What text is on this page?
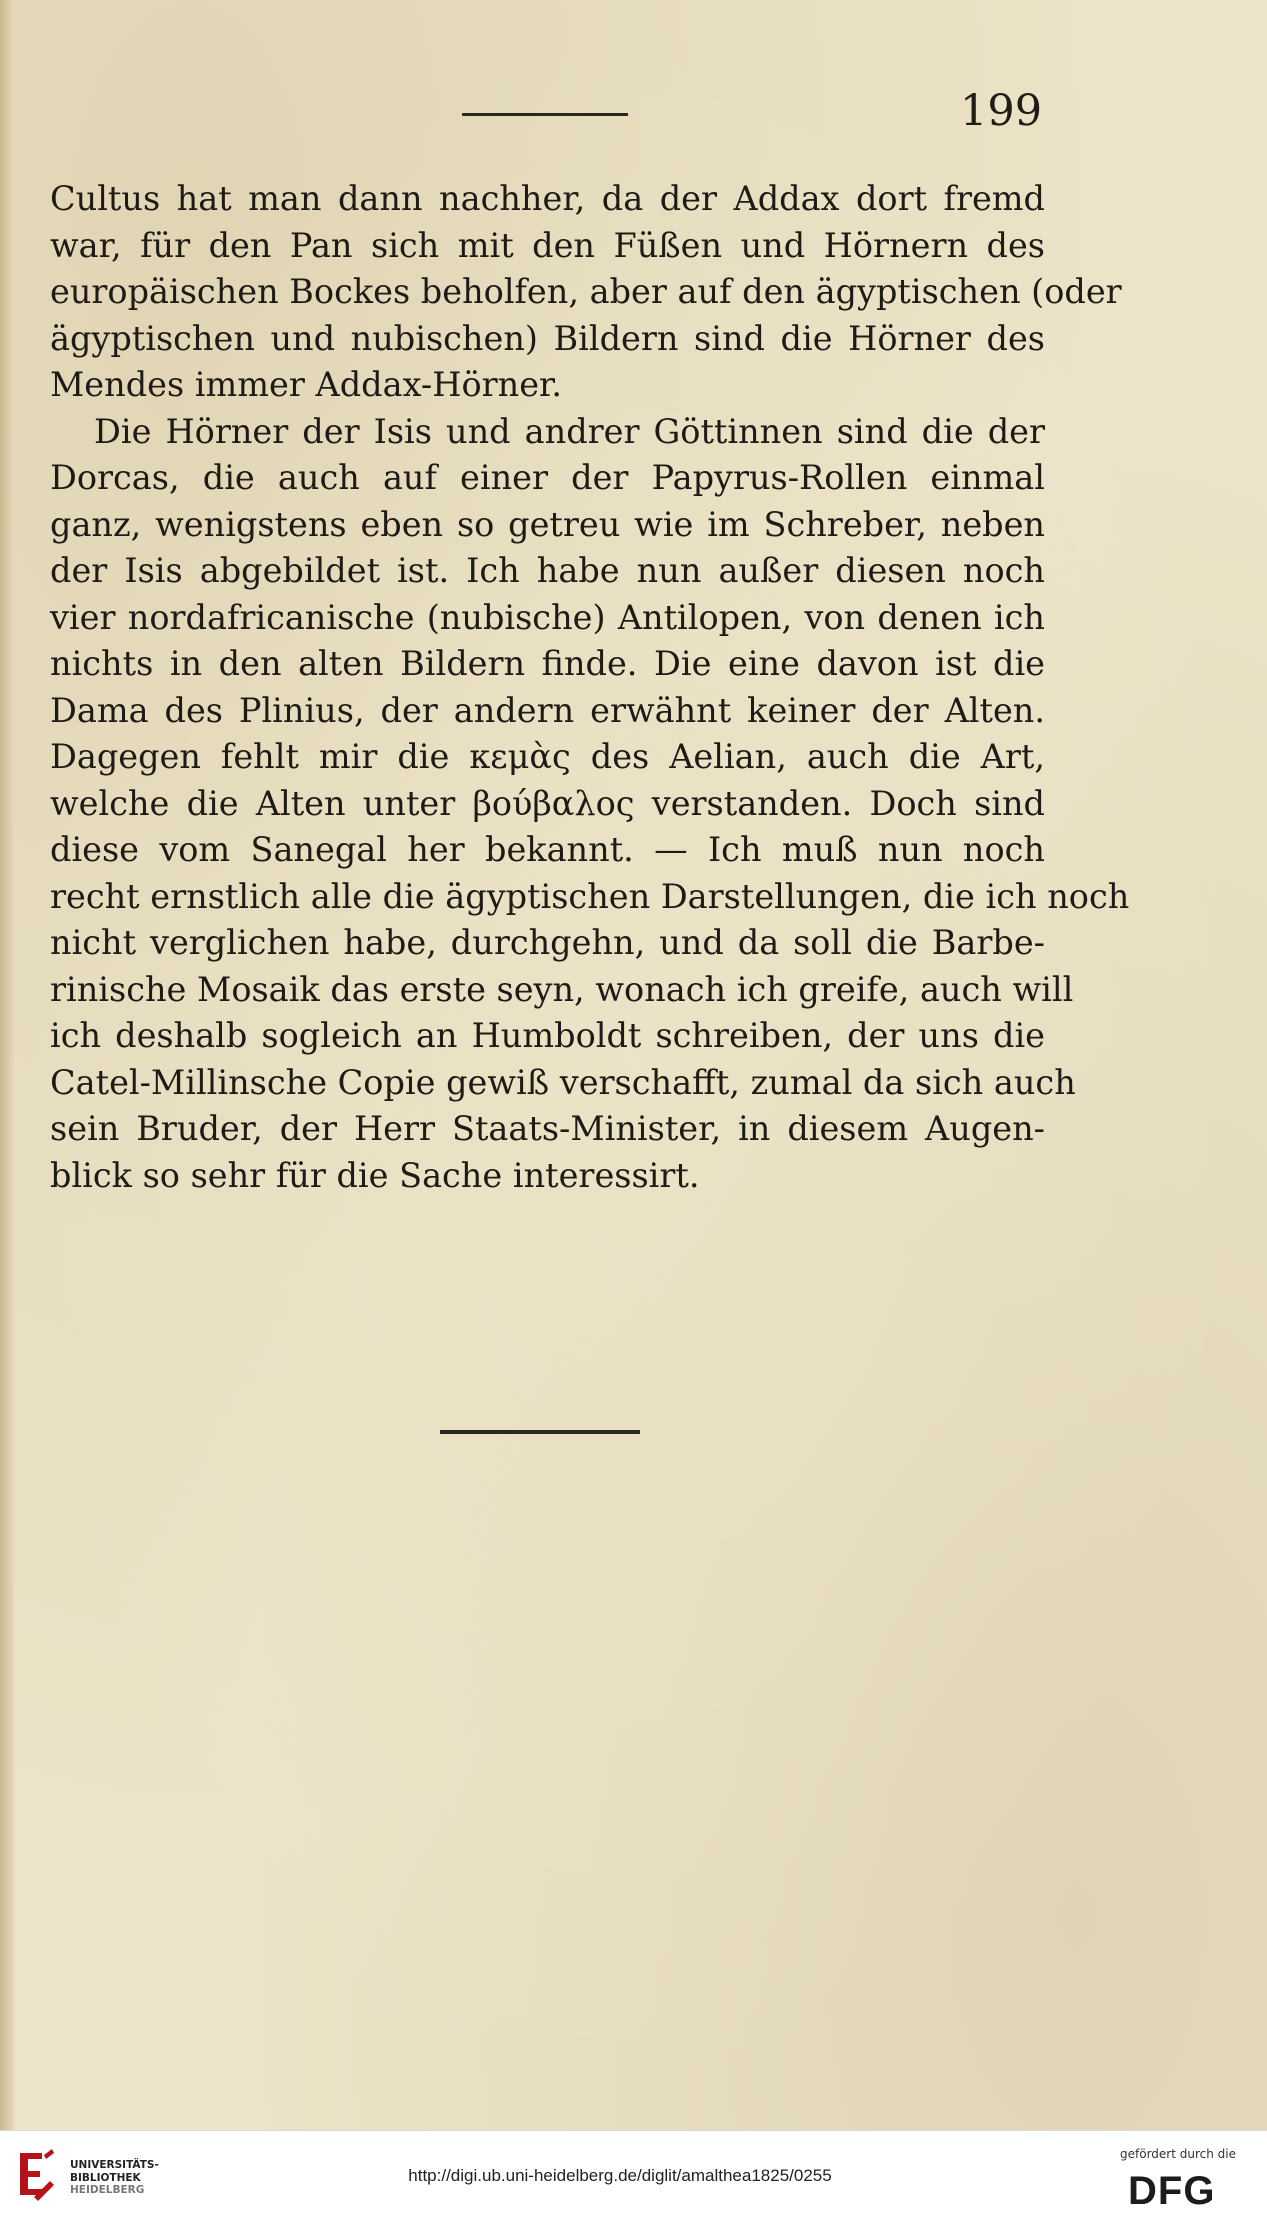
199

Cultus hat man dann nachher, da der Addax dort fremd
war, für den Pan sich mit den Füßen und Hörnern des
europäischen Bockes beholfen, aber auf den ägyptischen (oder
ägyptischen und nubischen) Bildern sind die Hörner des
Mendes immer Addax-Hörner.

Die Hörner der Isis und andrer Göttinnen sind die der
Dorcas, die auch auf einer der Papyrus-Rollen einmal
ganz, wenigstens eben so getreu wie im Schreber, neben
der Isis abgebildet ist. Ich habe nun außer diesen noch
vier nordafricanische (nubische) Antilopen, von denen ich
nichts in den alten Bildern finde. Die eine davon ist die
Dama des Plinius, der andern erwähnt keiner der Alten.
Dagegen fehlt mir die κεμὰς des Aelian, auch die Art,
welche die Alten unter βούβαλος verstanden. Doch sind
diese vom Sanegal her bekannt. — Ich muß nun noch
recht ernstlich alle die ägyptischen Darstellungen, die ich noch
nicht verglichen habe, durchgehn, und da soll die Barbe-
rinische Mosaik das erste seyn, wonach ich greife, auch will
ich deshalb sogleich an Humboldt schreiben, der uns die
Catel-Millinsche Copie gewiß verschafft, zumal da sich auch
sein Bruder, der Herr Staats-Minister, in diesem Augen-
blick so sehr für die Sache interessirt.

UNIVERSITÄTS-
BIBLIOTHEK
HEIDELBERG
http://digi.ub.uni-heidelberg.de/diglit/amalthea1825/0255
gefördert durch die
DFG
